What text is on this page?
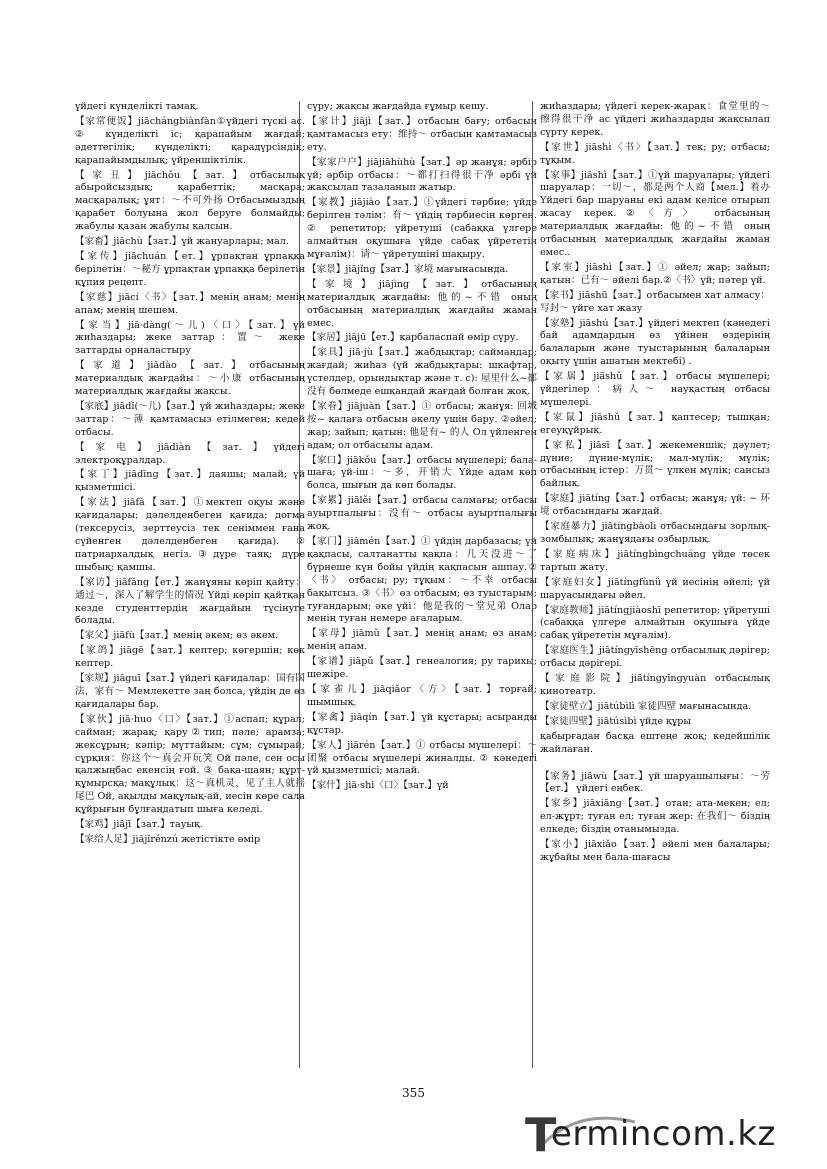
үйдегі күнделікті тамақ.

【家常便饭】jiāchángbiànfàn①үйдегі түскі ас. ② күнделікті іс; қарапайым жағдай; әдеттегілік; күнделікті; қарадүрсіндік; қарапайымдылық; үйреншіктілік.

【家丑】jiāchǒu【зат.】отбасылық абыройсыздық; қарабеттік; масқара; масқаралық; ұят：～不可外扬 Отбасымыздың қарабет болуына жол беруге болмайды; жабулы қазан жабулы қалсын.

【家畜】jiāchù【зат.】үй жануарлары; мал.

【家传】jiāchuán【ет.】ұрпақтан ұрпаққа берілетін：～秘方 ұрпақтан ұрпаққа берілетін құпия рецепт.

【家慈】jiācí〈书〉【зат.】менің анам; менің апам; менің шешем.

【家当】jiā·dàng(～儿)〈口〉【зат.】үй жиһаздары; жеке заттар：置～ жеке заттарды орналастыру

【家道】jiādào【зат.】отбасының материалдық жағдайы：～小康 отбасының материалдық жағдайы жақсы.

【家底】jiādǐ(～儿)【зат.】үй жиһаздары; жеке заттар：～薄 қамтамасыз етілмеген; кедей отбасы.

【家电】jiādiàn【зат.】үйдегі электроқұралдар.

【家丁】jiādīng【зат.】даяшы; малай; үй қызметшісі.

【家法】jiāfǎ【зат.】①мектеп оқуы және қағидалары; дәлелденбеген қағида; догма (тексерусіз, зерттеусіз тек сеніммен ғана сүйенген дәлелденбеген қағида).② патриархалдық негіз.③дүре таяқ; дүре шыбық; қамшы.

【家访】jiāfǎng【ет.】жанұяны көріп қайту：通过～，深入了解学生的情况 Үйді көріп қайтқан кезде студенттердің жағдайын түсінуге болады.

【家父】jiāfù【зат.】менің әкем; өз әкем.

【家鸽】jiāgē【зат.】кептер; көгершін; көк кептер.

【家规】jiāguī【зат.】үйдегі қағидалар：国有国法，家有～ Мемлекетте заң болса, үйдің де өз қағидалары бар.

【家伙】jiā·huo〈口〉【зат.】①аспап; құрал; сайман; жарақ; қару②тип; пәле; арамза; жексұрын; кәпір; мүттайым; сұм; сұмырай; сұрқия：你这个～真会开玩笑 Ой пәле, сен осы қалжыңбас екенсің ғой. ③ бақа-шаян; құрт-құмырсқа; мақұлық：这～真机灵，见了主人就摇尾巴 Ой, ақылды мақұлық-ай, иесін көре сала құйрығын бұлғаңдатып шыға келеді.

【家鸡】jiājī【зат.】тауық.

【家给人足】jiājǐrénzú жетістікте өмір

сүру; жақсы жағдайда ғұмыр кешу.

【家计】jiājì【зат.】отбасын бағу; отбасын қамтамасыз ету：维持～ отбасын қамтамасыз ету.

【家家户户】jiājiāhùhù【зат.】әр жанұя; әрбір үй; әрбір отбасы：～都打扫得很干净 әрбі үй жақсылап тазаланып жатыр.

【家教】jiājiào【зат.】①үйдегі тәрбие; үйде берілген тәлім：有～ үйдің тәрбиесін көрген. ② репетитор; үйретуші (сабаққа үлгере алмайтын оқушыға үйде сабақ үйрететін мұғалім)：请～ үйретушіні шақыру.

【家景】jiājǐng【зат.】家境 мағынасында.

【家境】jiājìng【зат.】отбасының материалдық жағдайы: 他的~不错 оның отбасының материалдық жағдайы жаман емес.

【家居】jiājū【ет.】қарбаласпай өмір сүру.

【家具】jiā·jù【зат.】жабдықтар; саймандар; жағдай; жиһаз (үй жабдықтары: шкафтар, үстелдер, орындықтар және т. с): 屋里什么~都没有 бөлмеде ешқандай жағдай болған жоқ.

【家眷】jiājuàn【зат.】① отбасы; жанұя: 回城按~ қалаға отбасын әкелу үшін бару. ②әйел; жар; зайып; қатын: 他是有~ 的人 Ол үйленген адам; ол отбасылы адам.

【家口】jiākǒu【зат.】отбасы мүшелері; бала-шаға; үй-іш：～多，开销大 Үйде адам көп болса, шығын да көп болады.

【家累】jiālěi【зат.】отбасы салмағы; отбасы ауыртпалығы：没有～ отбасы ауыртпалығы жоқ.

【家门】jiāmén【зат.】① үйдің дарбазасы; үй қақпасы, салтанатты қақпа：几天没进～了 бүрнеше күн бойы үйдің қақпасын ашпау.②〈书〉 отбасы; ру; тұқым：～不幸 отбасы бақытсыз. ③〈书〉өз отбасым; өз туыстарым; туғандарым; әке үйі：他是我的～堂兄弟 Олар менің туған немере ағаларым.

【家母】jiāmǔ【зат.】менің анам; өз анам; менің апам.

【家谱】jiāpǔ【зат.】генеалогия; ру тарихы; шежіре.

【家雀儿】jiāqiǎor〈方〉【зат.】торғай; шымшық.

【家禽】jiāqín【зат.】үй құстары; асыранды құстар.

【家人】jiārén【зат.】① отбасы мүшелері：～团聚 отбасы мүшелері жиналды. ② кәнедегі үй қызметшісі; малай.

【家什】jiā·shi〈口〉【зат.】үй

жиһаздары; үйдегі керек-жарақ：食堂里的～擦得很干净 ас үйдегі жиһаздарды жақсылап сүрту керек.

【家世】jiāshì〈书〉【зат.】тек; ру; отбасы; тұқым.

【家事】jiāshì【зат.】①үй шаруалары; үйдегі шаруалар：一切～，都是两个人商【мел.】着办 Үйдегі бар шаруаны екі адам келісе отырып жасау керек.②〈方〉 отбасының материалдық жағдайы: 他的~不错 оның отбасының материалдық жағдайы жаман емес..

【家室】jiāshì【зат.】① әйел; жар; зайып; қатын：已有～ әйелі бар.②〈书〉үй; пәтер үй.

【家书】jiāshū【зат.】отбасымен хат алмасу：写封～ үйге хат жазу

【家塾】jiāshú【зат.】үйдегі мектеп (кәнедегі бай адамдардың өз үйінен өздерінің балаларын және туыстарының балаларын оқыту үшін ашатын мектебі) .

【家属】jiāshǔ【зат.】отбасы мүшелері; үйдегілер：病人～ науқастың отбасы мүшелері.

【家鼠】jiāshǔ【зат.】қаптесер; тышқан; егеуқұйрық.

【家私】jiāsī【зат.】жекеменшік; дәулет; дүние; дүние-мүлік; мал-мүлік; мүлік; отбасының істер：万贯～ үлкен мүлік; сансыз байлық.

【家庭】jiātíng【зат.】отбасы; жанұя; үй: ~ 环境 отбасындағы жағдай.

【家庭暴力】jiātíngbàolì отбасындағы зорлық-зомбылық; жанұядағы озбырлық.

【家庭病床】jiātíngbìngchuáng үйде төсек тартып жату.

【家庭妇女】jiātíngfùnǚ үй иесінің әйелі; үй шаруасындағы әйел.

【家庭教师】jiātíngjiàoshī репетитор; үйретуші (сабаққа үлгере алмайтын оқушыға үйде сабақ үйрететін мұғалім).

【家庭医生】jiātíngyīshēng отбасылық дәрігер; отбасы дәрігері.

【家庭影院】jiātíngyǐngyuàn отбасылық кинотеатр.

【家徒壁立】jiātúbìlì 家徒四壁 мағынасында.

【家徒四壁】jiātúsìbì үйде құры

қабырғадан басқа ештеңе жоқ; кедейшілік жайлаған.

【家务】jiāwù【зат.】үй шаруашылығы：～劳【ет.】 үйдегі еңбек.

【家乡】jiāxiāng【зат.】отан; ата-мекен; ел; ел-жұрт; туған ел; туған жер: 在我们～ біздің елкеде; біздің отанымызда.

【家小】jiāxiǎo【зат.】әйелі мен балалары; жұбайы мен бала-шағасы

355
T
ermincom.kz
